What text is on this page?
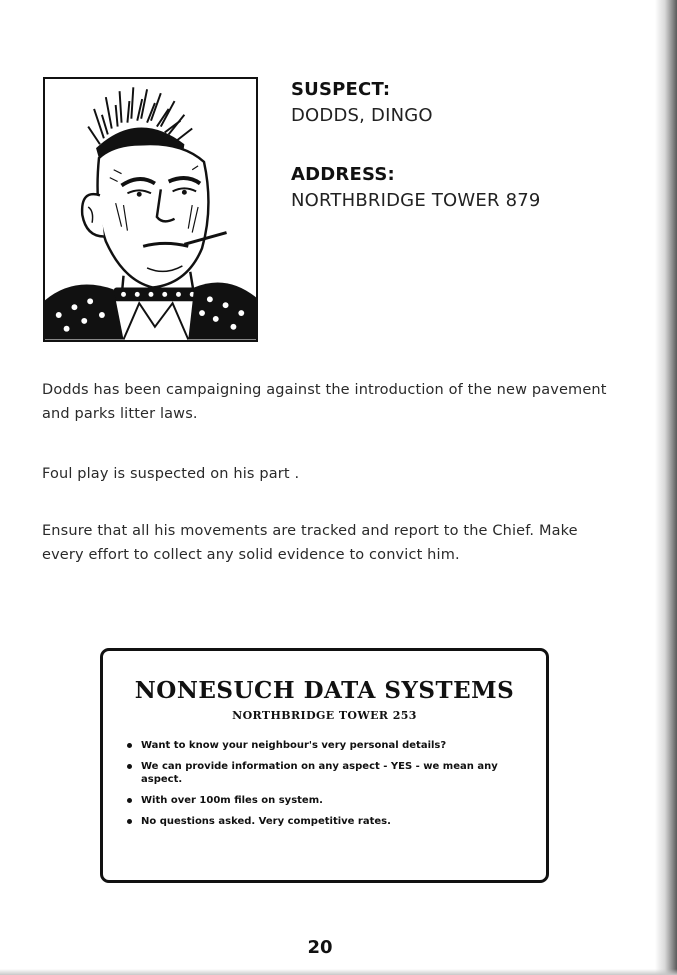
SUSPECT:
DODDS, DINGO
ADDRESS:
NORTHBRIDGE TOWER 879

Dodds has been campaigning against the introduction of the new pavement and parks litter laws.

Foul play is suspected on his part .

Ensure that all his movements are tracked and report to the Chief. Make every effort to collect any solid evidence to convict him.

NONESUCH DATA SYSTEMS
NORTHBRIDGE TOWER 253
Want to know your neighbour's very personal details?
We can provide information on any aspect - YES - we mean any aspect.
With over 100m files on system.
No questions asked. Very competitive rates.
20
